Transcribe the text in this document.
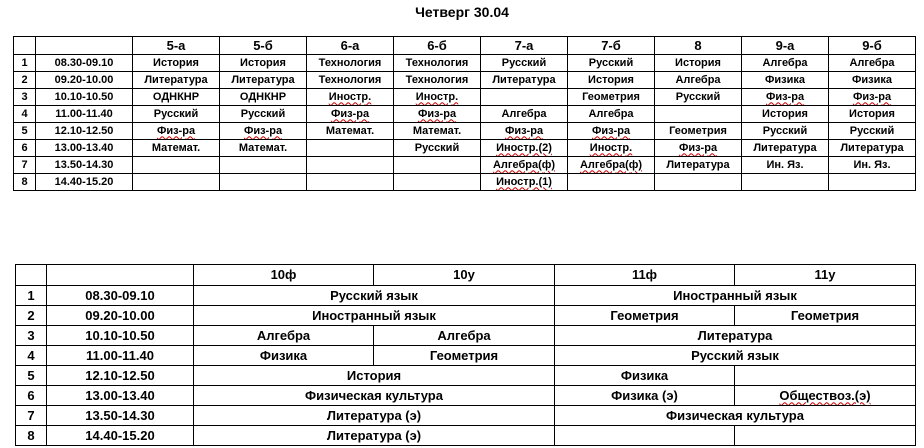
Четверг 30.04
		5-а	5-б	6-а	6-б	7-а	7-б	8	9-а	9-б
1	08.30-09.10	История	История	Технология	Технология	Русский	Русский	История	Алгебра	Алгебра
2	09.20-10.00	Литература	Литература	Технология	Технология	Литература	История	Алгебра	Физика	Физика
3	10.10-10.50	ОДНКНР	ОДНКНР	Иностр.	Иностр.		Геометрия	Русский	Физ-ра	Физ-ра
4	11.00-11.40	Русский	Русский	Физ-ра	Физ-ра	Алгебра	Алгебра		История	История
5	12.10-12.50	Физ-ра	Физ-ра	Математ.	Математ.	Физ-ра	Физ-ра	Геометрия	Русский	Русский
6	13.00-13.40	Математ.	Математ.		Русский	Иностр.(2)	Иностр.	Физ-ра	Литература	Литература
7	13.50-14.30					Алгебра(ф)	Алгебра(ф)	Литература	Ин. Яз.	Ин. Яз.
8	14.40-15.20					Иностр.(1)				
		10ф	10у	11ф	11у
1	08.30-09.10	Русский язык		Иностранный язык	
2	09.20-10.00	Иностранный язык		Геометрия	Геометрия
3	10.10-10.50	Алгебра	Алгебра	Литература	
4	11.00-11.40	Физика	Геометрия	Русский язык	
5	12.10-12.50	История		Физика	
6	13.00-13.40	Физическая культура		Физика (э)	Обществоз.(э)
7	13.50-14.30	Литература (э)		Физическая культура	
8	14.40-15.20	Литература (э)			
